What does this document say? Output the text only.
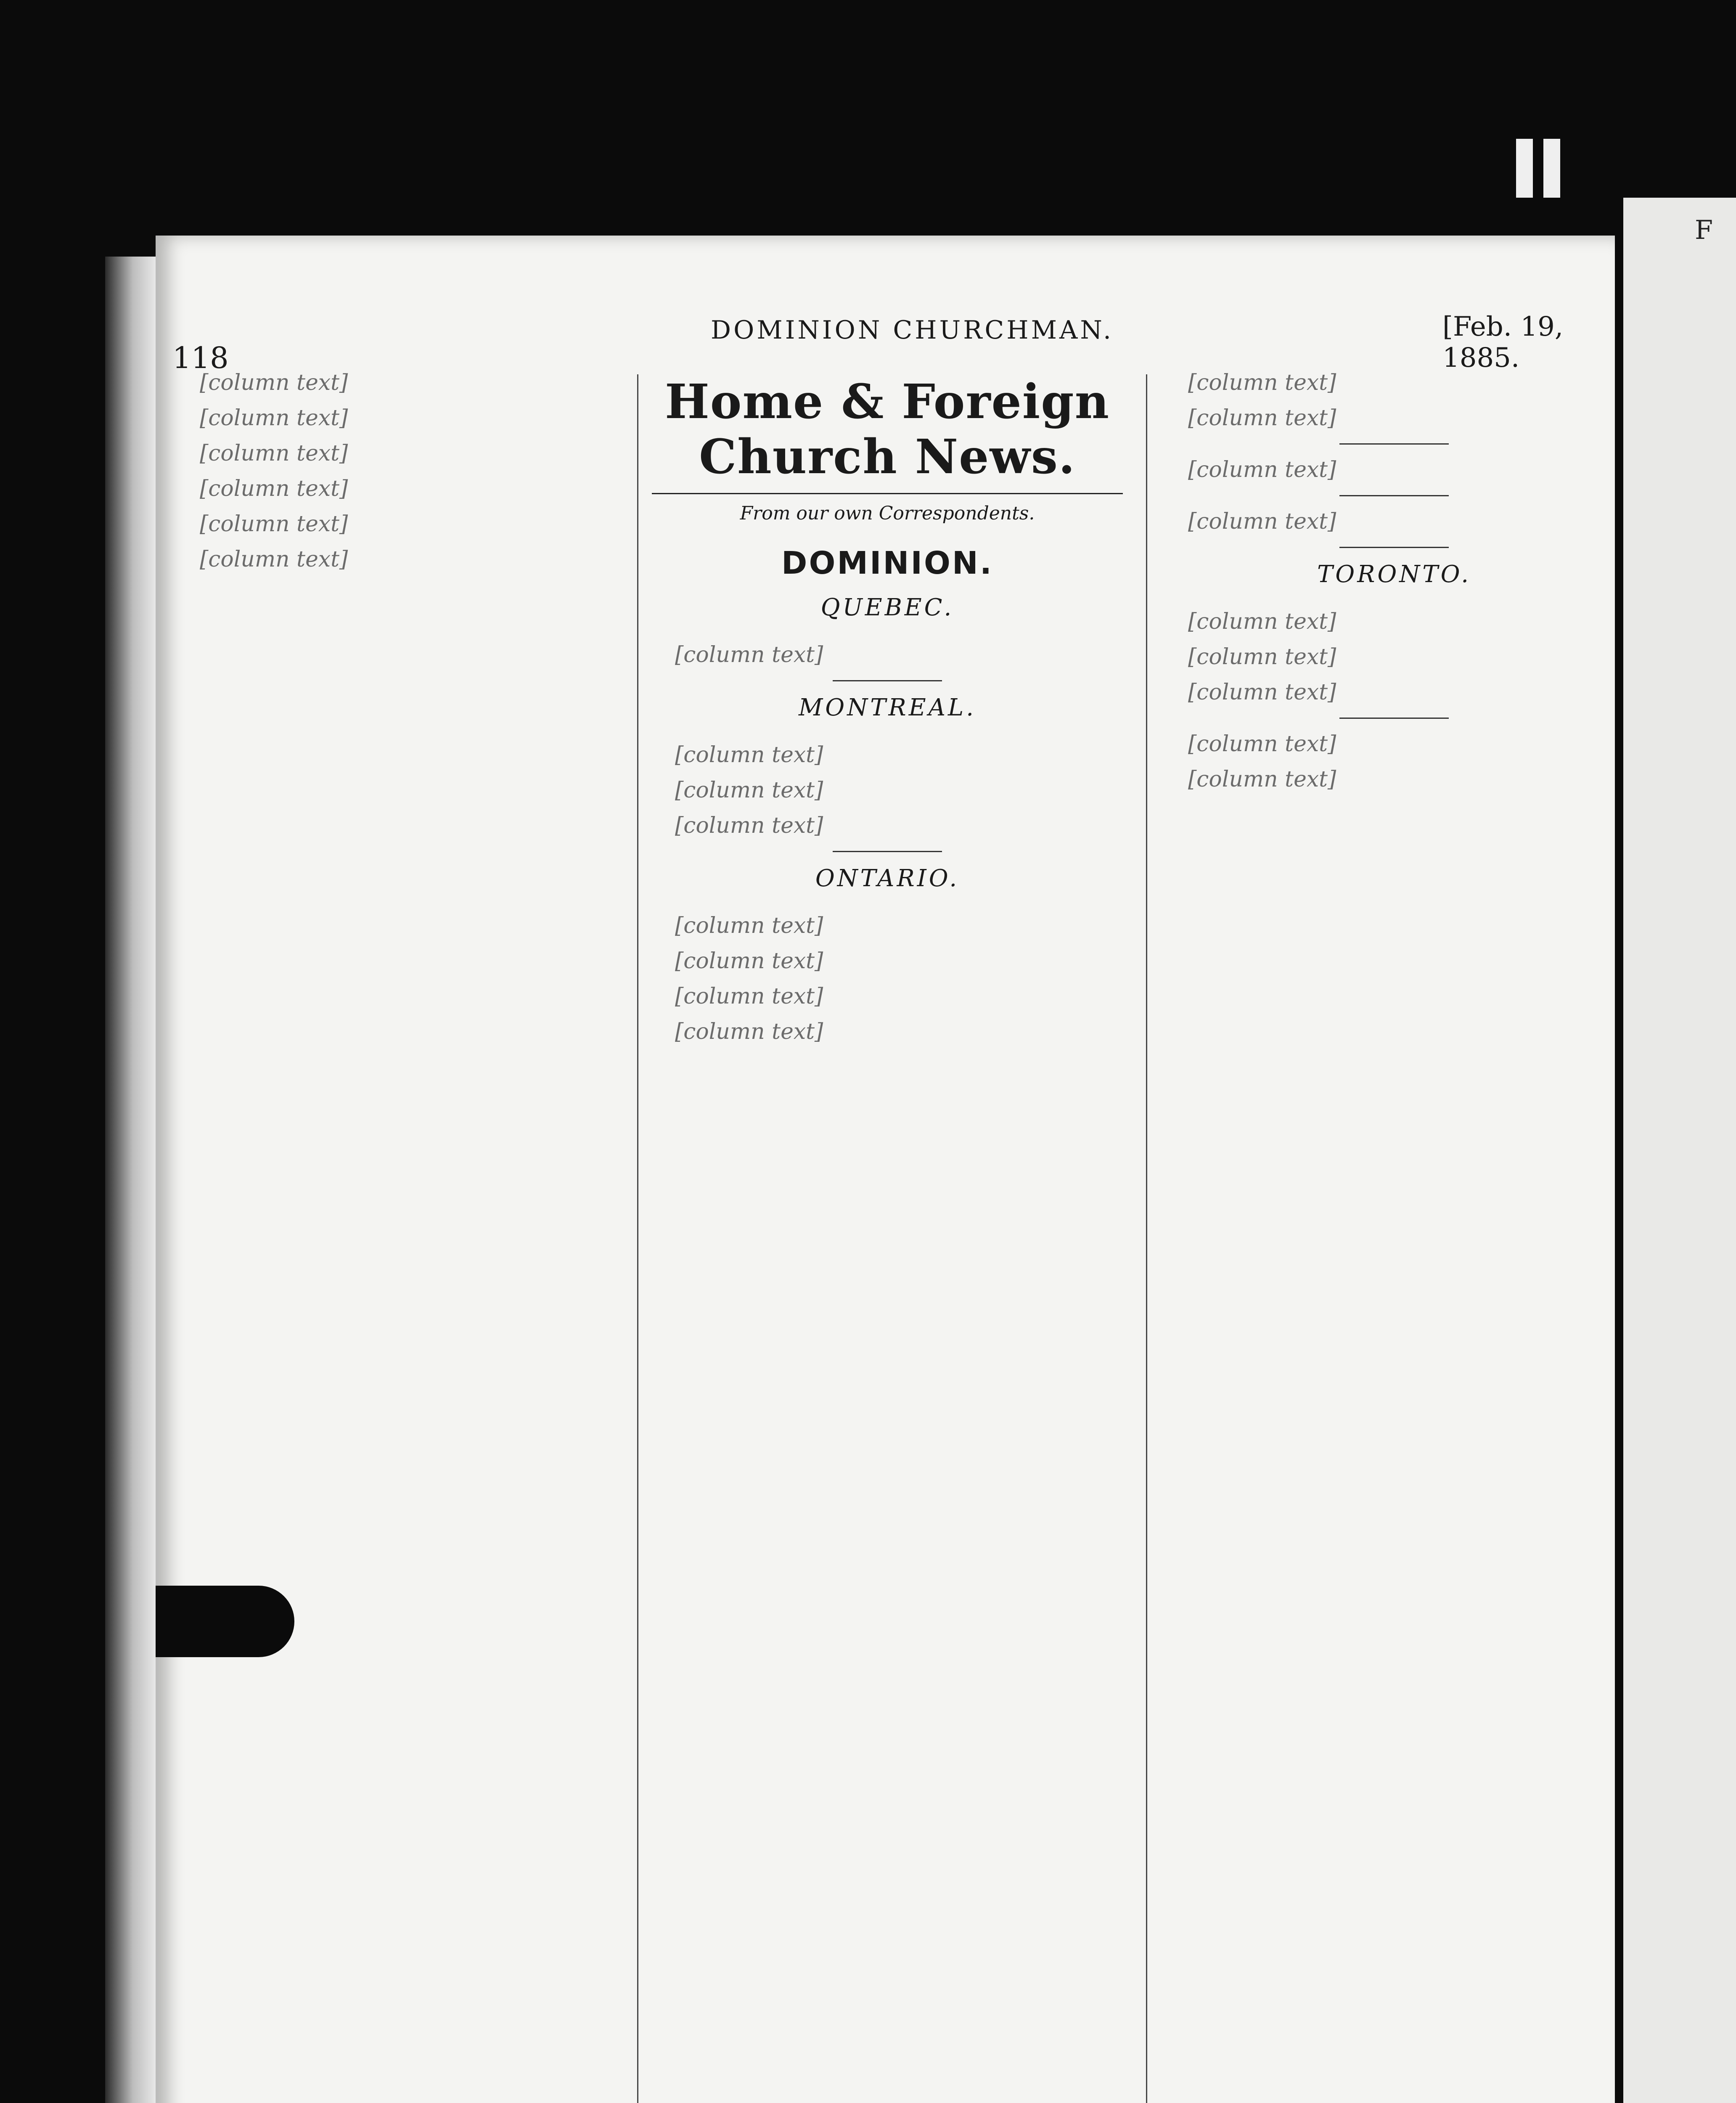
F
118
DOMINION CHURCHMAN.	[Feb. 19, 1885.

[column text]

[column text]

[column text]

[column text]

[column text]

[column text]

Home & Foreign Church News.
From our own Correspondents.
DOMINION.
QUEBEC.

[column text]

MONTREAL.

[column text]

[column text]

[column text]

ONTARIO.

[column text]

[column text]

[column text]

[column text]

[column text]

[column text]

[column text]

[column text]

TORONTO.

[column text]

[column text]

[column text]

[column text]

[column text]
